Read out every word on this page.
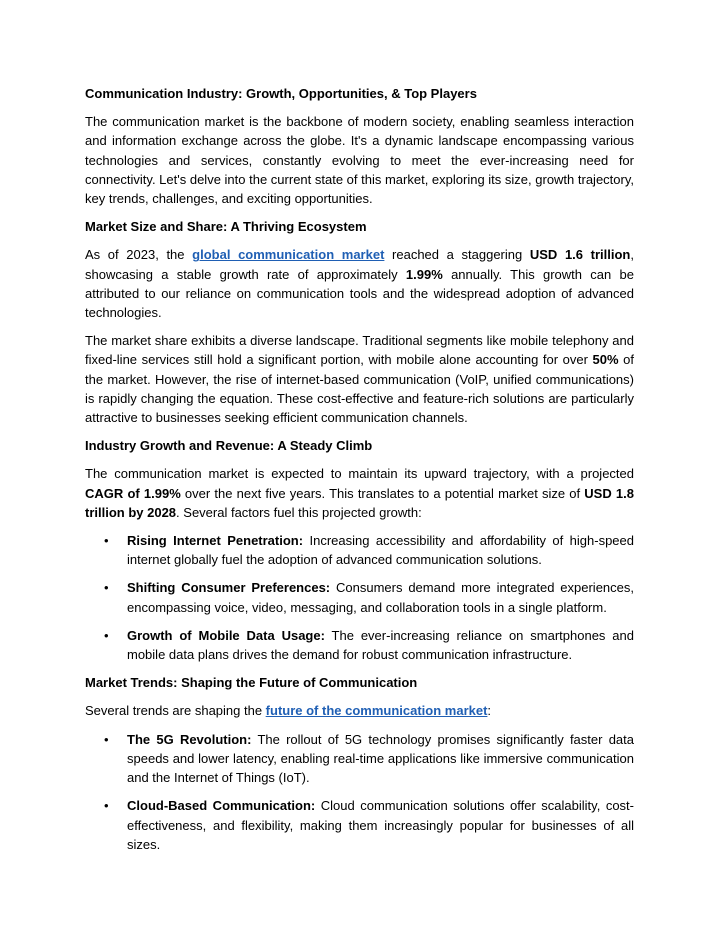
Communication Industry: Growth, Opportunities, & Top Players

The communication market is the backbone of modern society, enabling seamless interaction and information exchange across the globe. It's a dynamic landscape encompassing various technologies and services, constantly evolving to meet the ever-increasing need for connectivity. Let's delve into the current state of this market, exploring its size, growth trajectory, key trends, challenges, and exciting opportunities.

Market Size and Share: A Thriving Ecosystem

As of 2023, the global communication market reached a staggering USD 1.6 trillion, showcasing a stable growth rate of approximately 1.99% annually. This growth can be attributed to our reliance on communication tools and the widespread adoption of advanced technologies.

The market share exhibits a diverse landscape. Traditional segments like mobile telephony and fixed-line services still hold a significant portion, with mobile alone accounting for over 50% of the market. However, the rise of internet-based communication (VoIP, unified communications) is rapidly changing the equation. These cost-effective and feature-rich solutions are particularly attractive to businesses seeking efficient communication channels.

Industry Growth and Revenue: A Steady Climb

The communication market is expected to maintain its upward trajectory, with a projected CAGR of 1.99% over the next five years. This translates to a potential market size of USD 1.8 trillion by 2028. Several factors fuel this projected growth:

• Rising Internet Penetration: Increasing accessibility and affordability of high-speed internet globally fuel the adoption of advanced communication solutions.
• Shifting Consumer Preferences: Consumers demand more integrated experiences, encompassing voice, video, messaging, and collaboration tools in a single platform.
• Growth of Mobile Data Usage: The ever-increasing reliance on smartphones and mobile data plans drives the demand for robust communication infrastructure.
Market Trends: Shaping the Future of Communication

Several trends are shaping the future of the communication market:

• The 5G Revolution: The rollout of 5G technology promises significantly faster data speeds and lower latency, enabling real-time applications like immersive communication and the Internet of Things (IoT).
• Cloud-Based Communication: Cloud communication solutions offer scalability, cost-effectiveness, and flexibility, making them increasingly popular for businesses of all sizes.
